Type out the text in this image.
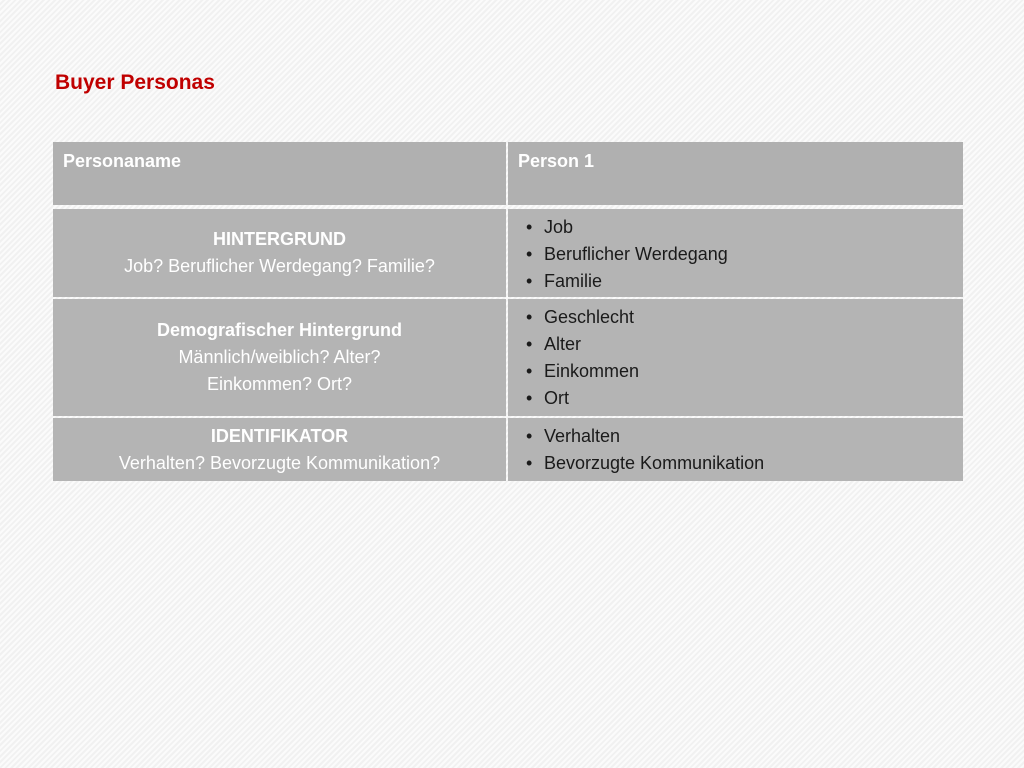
Buyer Personas
Personaname	Person 1
HINTERGRUND
Job? Beruflicher Werdegang? Familie?
• Job
• Beruflicher Werdegang
• Familie
Demografischer Hintergrund
Männlich/weiblich? Alter?
Einkommen? Ort?
• Geschlecht
• Alter
• Einkommen
• Ort
IDENTIFIKATOR
Verhalten? Bevorzugte Kommunikation?
• Verhalten
• Bevorzugte Kommunikation
